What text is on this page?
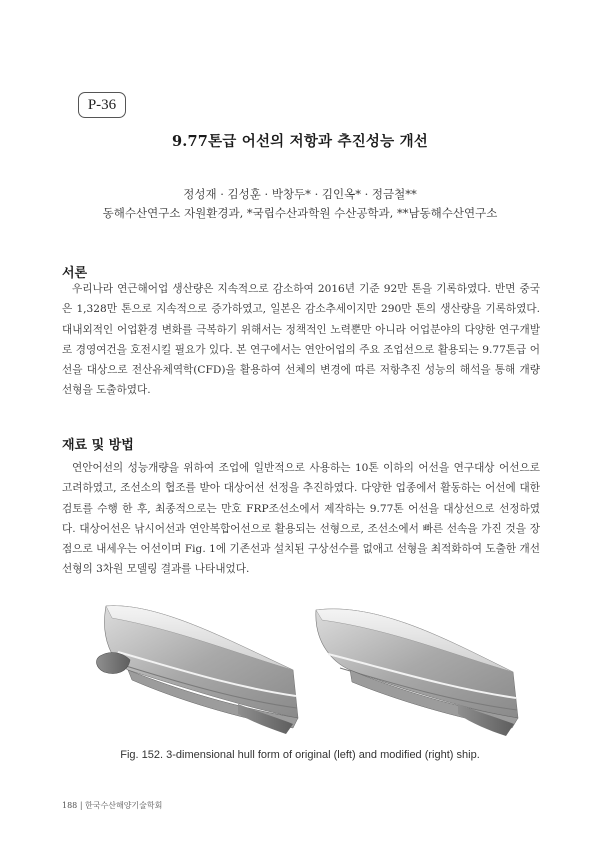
P-36
9.77톤급 어선의 저항과 추진성능 개선
정성재 · 김성훈 · 박창두* · 김인옥* · 정금철**
동해수산연구소 자원환경과, *국립수산과학원 수산공학과, **남동해수산연구소
서론

우리나라 연근해어업 생산량은 지속적으로 감소하여 2016년 기준 92만 톤을 기록하였다. 반면 중국은 1,328만 톤으로 지속적으로 증가하였고, 일본은 감소추세이지만 290만 톤의 생산량을 기록하였다. 대내외적인 어업환경 변화를 극복하기 위해서는 정책적인 노력뿐만 아니라 어업분야의 다양한 연구개발로 경영여건을 호전시킬 필요가 있다. 본 연구에서는 연안어업의 주요 조업선으로 활용되는 9.77톤급 어선을 대상으로 전산유체역학(CFD)을 활용하여 선체의 변경에 따른 저항추진 성능의 해석을 통해 개량선형을 도출하였다.

재료 및 방법

연안어선의 성능개량을 위하여 조업에 일반적으로 사용하는 10톤 이하의 어선을 연구대상 어선으로 고려하였고, 조선소의 협조를 받아 대상어선 선정을 추진하였다. 다양한 업종에서 활동하는 어선에 대한 검토를 수행 한 후, 최종적으로는 만호 FRP조선소에서 제작하는 9.77톤 어선을 대상선으로 선정하였다. 대상어선은 낚시어선과 연안복합어선으로 활용되는 선형으로, 조선소에서 빠른 선속을 가진 것을 장점으로 내세우는 어선이며 Fig. 1에 기존선과 설치된 구상선수를 없애고 선형을 최적화하여 도출한 개선선형의 3차원 모델링 결과를 나타내었다.

Fig. 152. 3-dimensional hull form of original (left) and modified (right) ship.
188 | 한국수산해양기술학회
